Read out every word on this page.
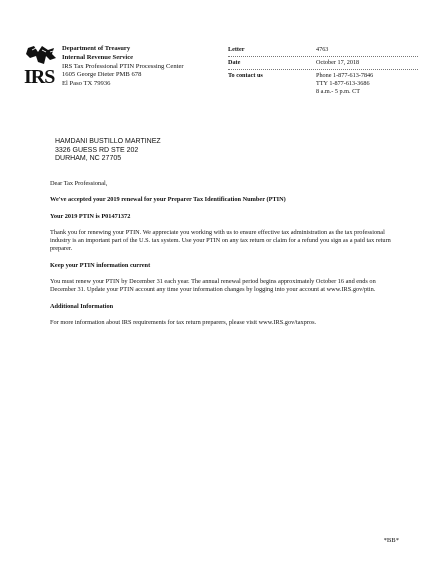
IRS
Department of Treasury
Internal Revenue Service
IRS Tax Professional PTIN Processing Center
1605 George Dieter PMB 678
El Paso TX 79936
Letter	4763
Date	October 17, 2018
To contact us	Phone 1-877-613-7846
TTY 1-877-613-3686
8 a.m.- 5 p.m. CT
HAMDANI BUSTILLO MARTINEZ
3326 GUESS RD STE 202
DURHAM, NC 27705

Dear Tax Professional,

We've accepted your 2019 renewal for your Preparer Tax Identification Number (PTIN)

Your 2019 PTIN is P01471372

Thank you for renewing your PTIN. We appreciate you working with us to ensure effective tax administration as the tax professional industry is an important part of the U.S. tax system. Use your PTIN on any tax return or claim for a refund you sign as a paid tax return preparer.

Keep your PTIN information current

You must renew your PTIN by December 31 each year. The annual renewal period begins approximately October 16 and ends on December 31. Update your PTIN account any time your information changes by logging into your account at www.IRS.gov/ptin.

Additional Information

For more information about IRS requirements for tax return preparers, please visit www.IRS.gov/taxpros.

*BB*
